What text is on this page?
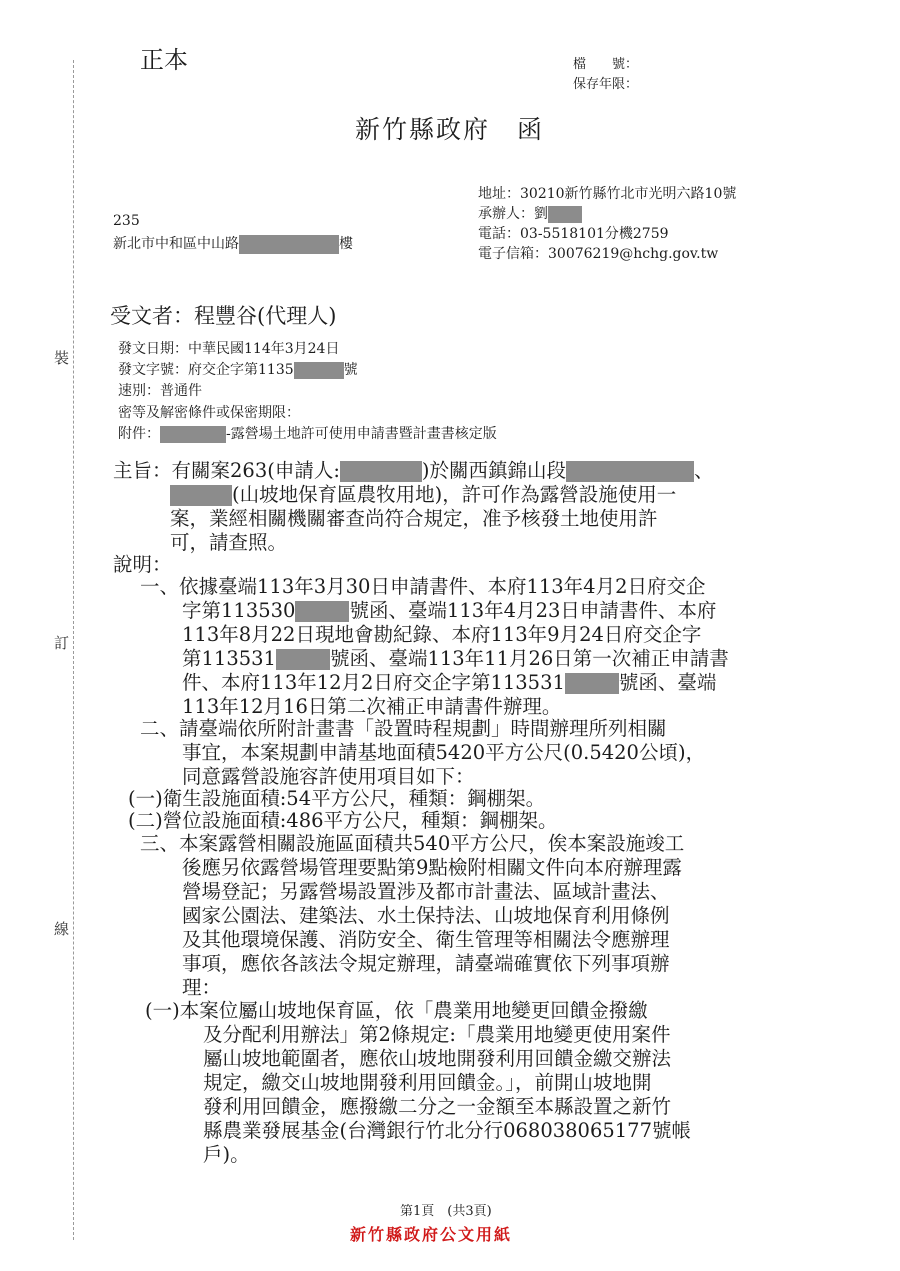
裝
訂
線
正本	檔　　號：
保存年限：
新竹縣政府　函
地址：30210新竹縣竹北市光明六路10號
承辦人：劉
電話：03-5518101分機2759
電子信箱：30076219@hchg.gov.tw
235
新北市中和區中山路	樓
受文者：程豐谷(代理人)
發文日期：中華民國114年3月24日
發文字號：府交企字第1135	號
速別：普通件
密等及解密條件或保密期限：
附件：	-露營場土地許可使用申請書暨計畫書核定版
主旨：有關案263(申請人:	)於關西鎮錦山段	、
(山坡地保育區農牧用地)，許可作為露營設施使用一
案，業經相關機關審查尚符合規定，准予核發土地使用許
可，請查照。
說明：
一、依據臺端113年3月30日申請書件、本府113年4月2日府交企
字第113530	號函、臺端113年4月23日申請書件、本府
113年8月22日現地會勘紀錄、本府113年9月24日府交企字
第113531	號函、臺端113年11月26日第一次補正申請書
件、本府113年12月2日府交企字第113531	號函、臺端
113年12月16日第二次補正申請書件辦理。
二、請臺端依所附計畫書「設置時程規劃」時間辦理所列相關
事宜，本案規劃申請基地面積5420平方公尺(0.5420公頃)，
同意露營設施容許使用項目如下：
(一)衛生設施面積:54平方公尺，種類：鋼棚架。
(二)營位設施面積:486平方公尺，種類：鋼棚架。
三、本案露營相關設施區面積共540平方公尺，俟本案設施竣工
後應另依露營場管理要點第9點檢附相關文件向本府辦理露
營場登記；另露營場設置涉及都市計畫法、區域計畫法、
國家公園法、建築法、水土保持法、山坡地保育利用條例
及其他環境保護、消防安全、衛生管理等相關法令應辦理
事項，應依各該法令規定辦理，請臺端確實依下列事項辦
理：
(一)本案位屬山坡地保育區，依「農業用地變更回饋金撥繳
及分配利用辦法」第2條規定:「農業用地變更使用案件
屬山坡地範圍者，應依山坡地開發利用回饋金繳交辦法
規定，繳交山坡地開發利用回饋金。」，前開山坡地開
發利用回饋金，應撥繳二分之一金額至本縣設置之新竹
縣農業發展基金(台灣銀行竹北分行068038065177號帳
戶)。
第1頁　(共3頁)
新竹縣政府公文用紙
